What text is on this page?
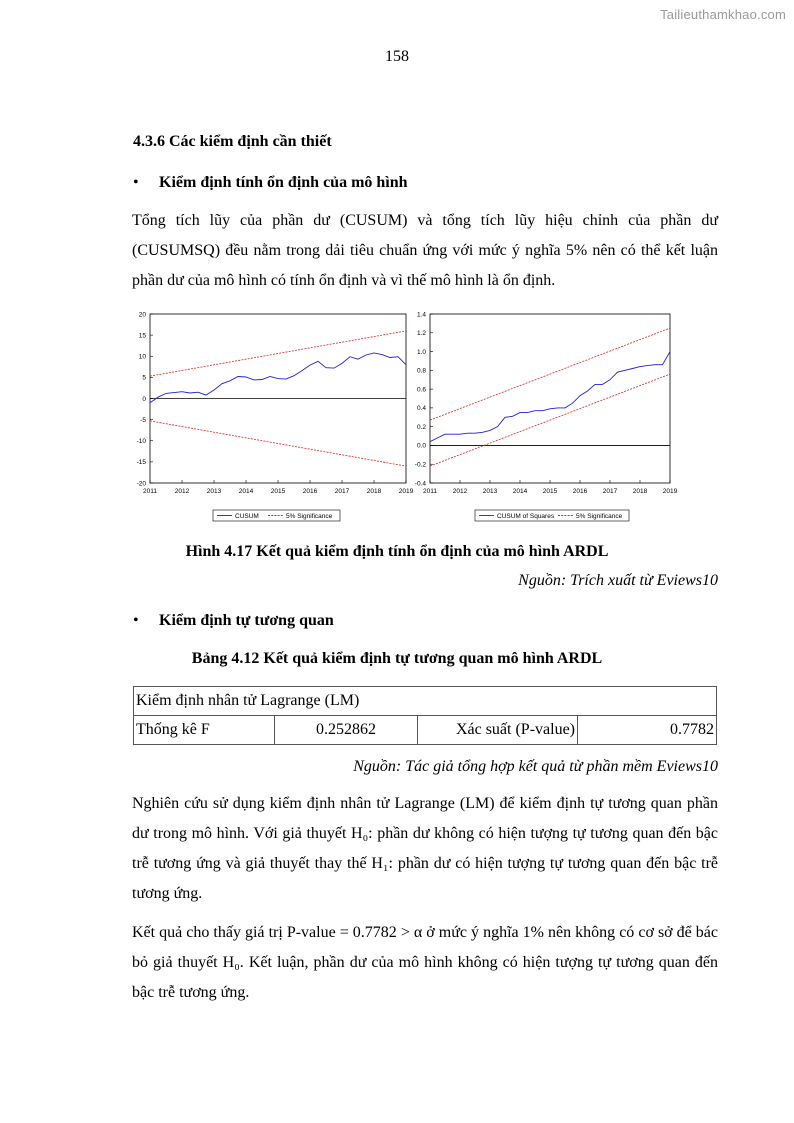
Tailieuthamkhao.com
158
4.3.6 Các kiểm định cần thiết
• Kiểm định tính ổn định của mô hình
Tổng tích lũy của phần dư (CUSUM) và tổng tích lũy hiệu chỉnh của phần dư (CUSUMSQ) đều nằm trong dải tiêu chuẩn ứng với mức ý nghĩa 5% nên có thể kết luận phần dư của mô hình có tính ổn định và vì thế mô hình là ổn định.
20
15
10
5
0
-5
-10
-15
-20
2011	2012	2013	2014	2015	2016	2017	2018	2019
1.4
1.2
1.0
0.8
0.6
0.4
0.2
0.0
-0.2
-0.4
2011 2012 2013 2014 2015 2016 2017 2018 2019
CUSUM	5% Significance	CUSUM of Squares	5% Significance
Hình 4.17 Kết quả kiểm định tính ổn định của mô hình ARDL
Nguồn: Trích xuất từ Eviews10
• Kiểm định tự tương quan
Bảng 4.12 Kết quả kiểm định tự tương quan mô hình ARDL
Kiểm định nhân tử Lagrange (LM)
Thống kê F	0.252862	Xác suất (P-value)	0.7782
Nguồn: Tác giả tổng hợp kết quả từ phần mềm Eviews10
Nghiên cứu sử dụng kiểm định nhân tử Lagrange (LM) để kiểm định tự tương quan phần dư trong mô hình. Với giả thuyết H₀: phần dư không có hiện tượng tự tương quan đến bậc trễ tương ứng và giả thuyết thay thế H₁: phần dư có hiện tượng tự tương quan đến bậc trễ tương ứng.
Kết quả cho thấy giá trị P-value = 0.7782 > α ở mức ý nghĩa 1% nên không có cơ sở để bác bỏ giả thuyết H₀. Kết luận, phần dư của mô hình không có hiện tượng tự tương quan đến bậc trễ tương ứng.
